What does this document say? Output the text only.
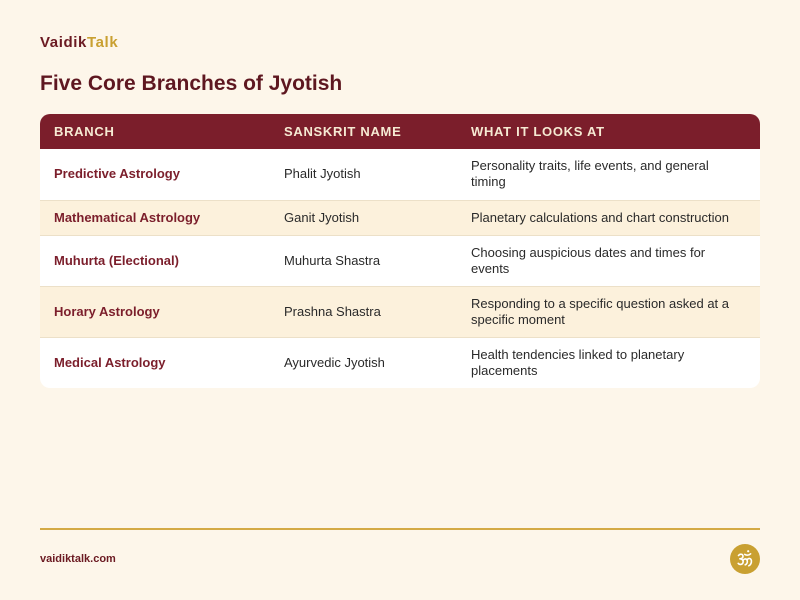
VaidikTalk
Five Core Branches of Jyotish
BRANCH	SANSKRIT NAME	WHAT IT LOOKS AT
Predictive Astrology	Phalit Jyotish	Personality traits, life events, and general timing
Mathematical Astrology	Ganit Jyotish	Planetary calculations and chart construction
Muhurta (Electional)	Muhurta Shastra	Choosing auspicious dates and times for events
Horary Astrology	Prashna Shastra	Responding to a specific question asked at a specific moment
Medical Astrology	Ayurvedic Jyotish	Health tendencies linked to planetary placements
vaidiktalk.com
